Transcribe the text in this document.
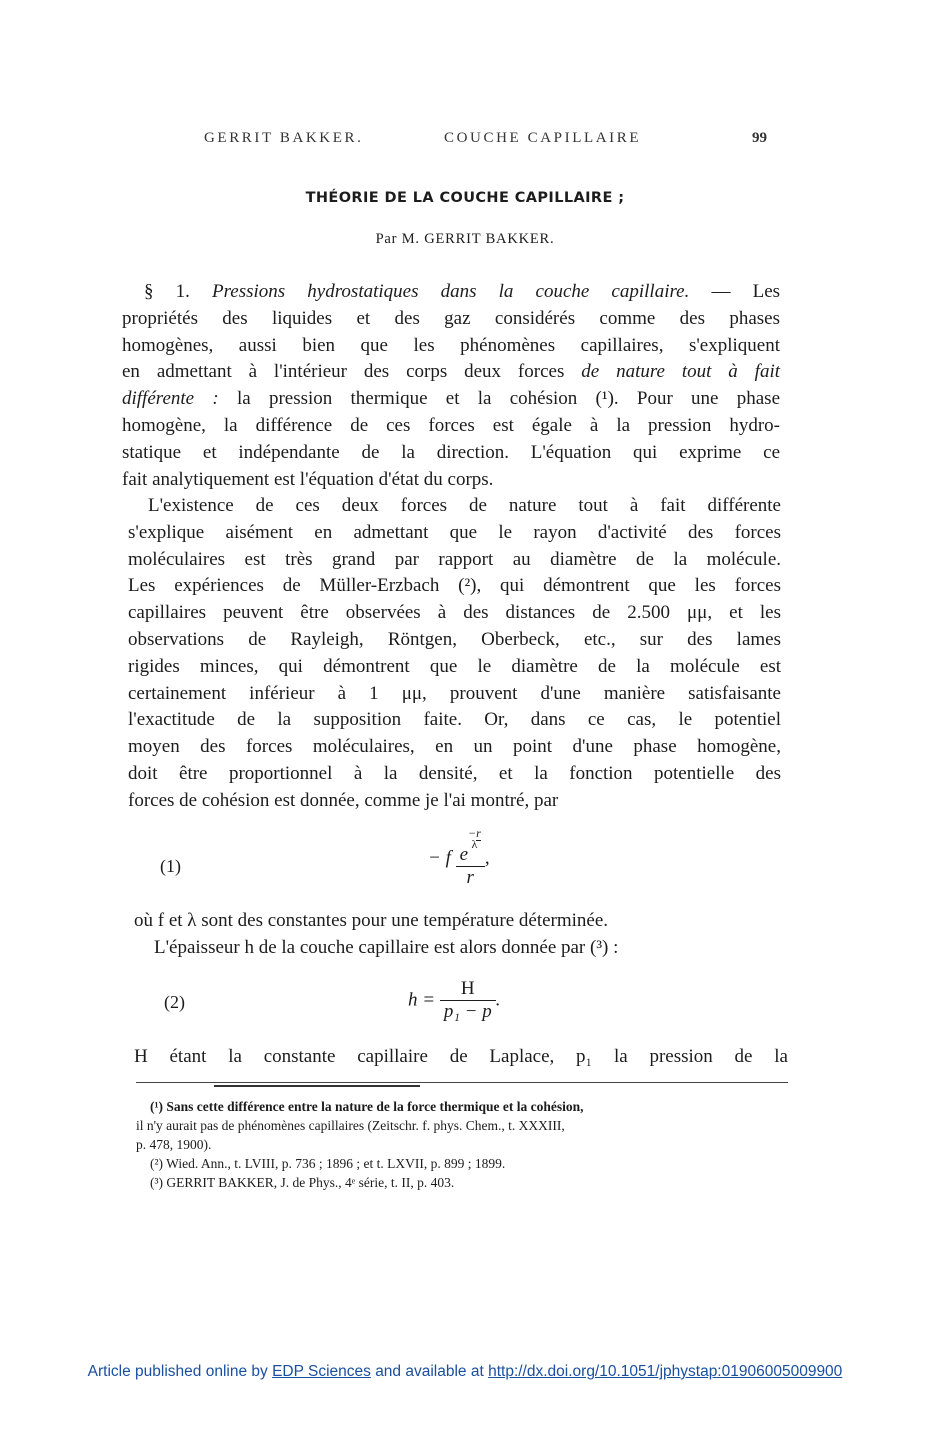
GERRIT BAKKER.	COUCHE CAPILLAIRE	99
THÉORIE DE LA COUCHE CAPILLAIRE ;
Par M. GERRIT BAKKER.
§ 1. Pressions hydrostatiques dans la couche capillaire. — Les
propriétés des liquides et des gaz considérés comme des phases
homogènes, aussi bien que les phénomènes capillaires, s'expliquent
en admettant à l'intérieur des corps deux forces de nature tout à fait
différente : la pression thermique et la cohésion (¹). Pour une phase
homogène, la différence de ces forces est égale à la pression hydro-
statique et indépendante de la direction. L'équation qui exprime ce
fait analytiquement est l'équation d'état du corps.
L'existence de ces deux forces de nature tout à fait différente
s'explique aisément en admettant que le rayon d'activité des forces
moléculaires est très grand par rapport au diamètre de la molécule.
Les expériences de Müller-Erzbach (²), qui démontrent que les forces
capillaires peuvent être observées à des distances de 2.500 μμ, et les
observations de Rayleigh, Röntgen, Oberbeck, etc., sur des lames
rigides minces, qui démontrent que le diamètre de la molécule est
certainement inférieur à 1 μμ, prouvent d'une manière satisfaisante
l'exactitude de la supposition faite. Or, dans ce cas, le potentiel
moyen des forces moléculaires, en un point d'une phase homogène,
doit être proportionnel à la densité, et la fonction potentielle des
forces de cohésion est donnée, comme je l'ai montré, par
(1)	− f e
$^{-r \lambda}$
r ,
où f et λ sont des constantes pour une température déterminée.
L'épaisseur h de la couche capillaire est alors donnée par (³) :
(2)	$h = \frac{H}{\text{p₁ − p}}$ .
H étant la constante capillaire de Laplace, p₁ la pression de la
(¹) Sans cette différence entre la nature de la force thermique et la cohésion,
il n'y aurait pas de phénomènes capillaires (Zeitschr. f. phys. Chem., t. XXXIII,
p. 478, 1900).
(²) Wied. Ann., t. LVIII, p. 736 ; 1896 ; et t. LXVII, p. 899 ; 1899.
(³) GERRIT BAKKER, J. de Phys., 4ᵉ série, t. II, p. 403.
Article published online by EDP Sciences and available at http://dx.doi.org/10.1051/jphystap:01906005009900
